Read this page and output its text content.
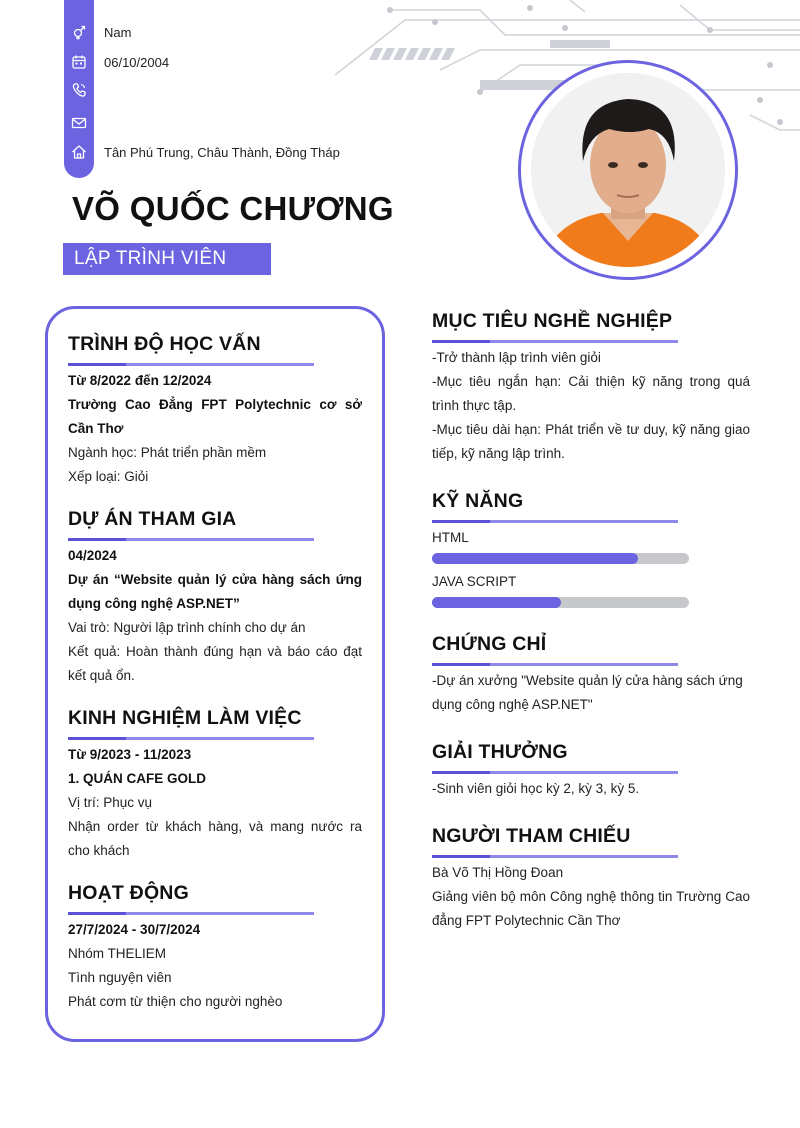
Nam
06/10/2004
Tân Phú Trung, Châu Thành, Đồng Tháp
VÕ QUỐC CHƯƠNG
LẬP TRÌNH VIÊN
TRÌNH ĐỘ HỌC VẤN
Từ 8/2022 đến 12/2024
Trường Cao Đẳng FPT Polytechnic cơ sở Cần Thơ
Ngành học: Phát triển phần mềm
Xếp loại: Giỏi
DỰ ÁN THAM GIA
04/2024
Dự án “Website quản lý cửa hàng sách ứng dụng công nghệ ASP.NET”
Vai trò: Người lập trình chính cho dự án
Kết quả: Hoàn thành đúng hạn và báo cáo đạt kết quả ổn.
KINH NGHIỆM LÀM VIỆC
Từ 9/2023 - 11/2023
1. QUÁN CAFE GOLD
Vị trí: Phục vụ
Nhận order từ khách hàng, và mang nước ra cho khách
HOẠT ĐỘNG
27/7/2024 - 30/7/2024
Nhóm THELIEM
Tình nguyện viên
Phát cơm từ thiện cho người nghèo
MỤC TIÊU NGHỀ NGHIỆP
-Trở thành lập trình viên giỏi
-Mục tiêu ngắn hạn: Cải thiện kỹ năng trong quá trình thực tập.
-Mục tiêu dài hạn: Phát triển về tư duy, kỹ năng giao tiếp, kỹ năng lập trình.
KỸ NĂNG
HTML
JAVA SCRIPT
CHỨNG CHỈ
-Dự án xưởng "Website quản lý cửa hàng sách ứng dụng công nghệ ASP.NET"
GIẢI THƯỞNG
-Sinh viên giỏi học kỳ 2, kỳ 3, kỳ 5.
NGƯỜI THAM CHIẾU
Bà Võ Thị Hồng Đoan
Giảng viên bộ môn Công nghệ thông tin Trường Cao đẳng FPT Polytechnic Cần Thơ
